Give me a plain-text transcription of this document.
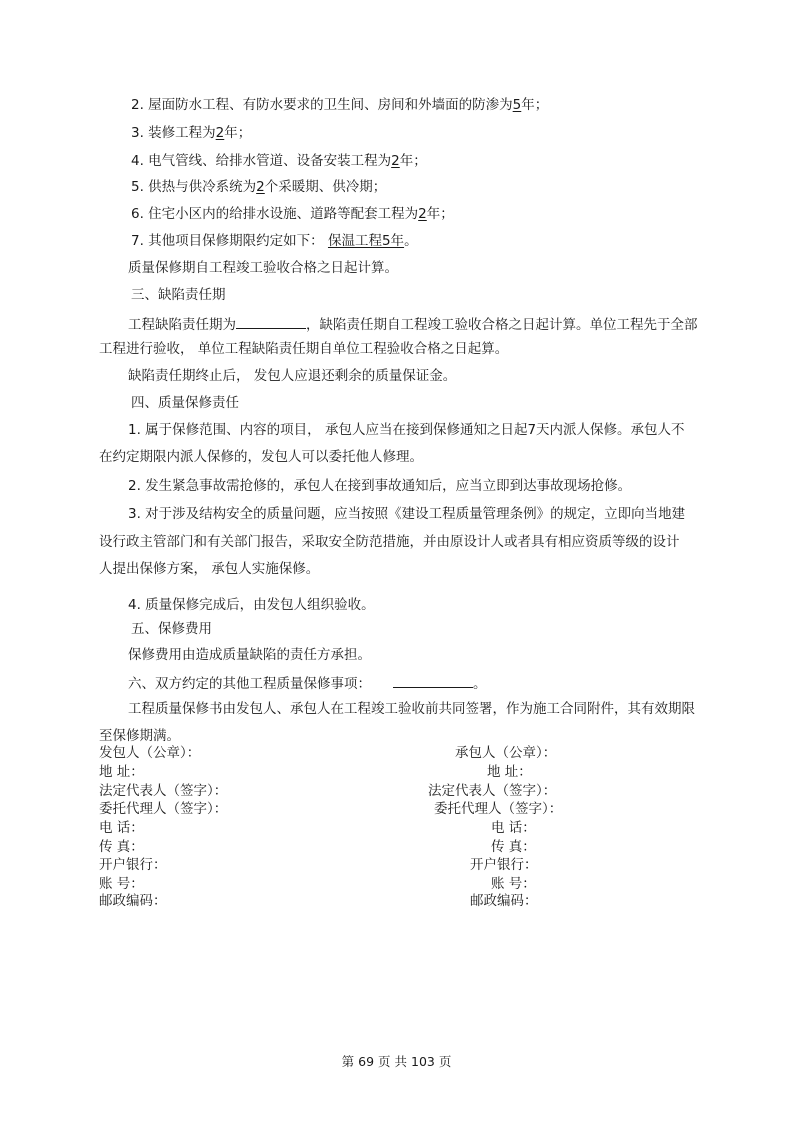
2. 屋面防水工程、有防水要求的卫生间、房间和外墙面的防渗为5年；
3. 装修工程为2年；
4. 电气管线、给排水管道、设备安装工程为2年；
5. 供热与供冷系统为2个采暖期、供冷期；
6. 住宅小区内的给排水设施、道路等配套工程为2年；
7. 其他项目保修期限约定如下： 保温工程5年。
质量保修期自工程竣工验收合格之日起计算。
三、缺陷责任期
工程缺陷责任期为	，缺陷责任期自工程竣工验收合格之日起计算。单位工程先于全部
工程进行验收， 单位工程缺陷责任期自单位工程验收合格之日起算。
缺陷责任期终止后， 发包人应退还剩余的质量保证金。
四、质量保修责任
1. 属于保修范围、内容的项目， 承包人应当在接到保修通知之日起7天内派人保修。承包人不
在约定期限内派人保修的，发包人可以委托他人修理。
2. 发生紧急事故需抢修的，承包人在接到事故通知后，应当立即到达事故现场抢修。
3. 对于涉及结构安全的质量问题，应当按照《建设工程质量管理条例》的规定，立即向当地建
设行政主管部门和有关部门报告，采取安全防范措施，并由原设计人或者具有相应资质等级的设计
人提出保修方案， 承包人实施保修。
4. 质量保修完成后，由发包人组织验收。
五、保修费用
保修费用由造成质量缺陷的责任方承担。
六、双方约定的其他工程质量保修事项：	。
工程质量保修书由发包人、承包人在工程竣工验收前共同签署，作为施工合同附件，其有效期限
至保修期满。
发包人（公章）：
地 址：
法定代表人（签字）：
委托代理人（签字）：
电 话：
传 真：
开户银行：
账 号：
邮政编码：
承包人（公章）：
地 址：
法定代表人（签字）：
委托代理人（签字）：
电 话：
传 真：
开户银行：
账 号：
邮政编码：
第 69 页 共 103 页
